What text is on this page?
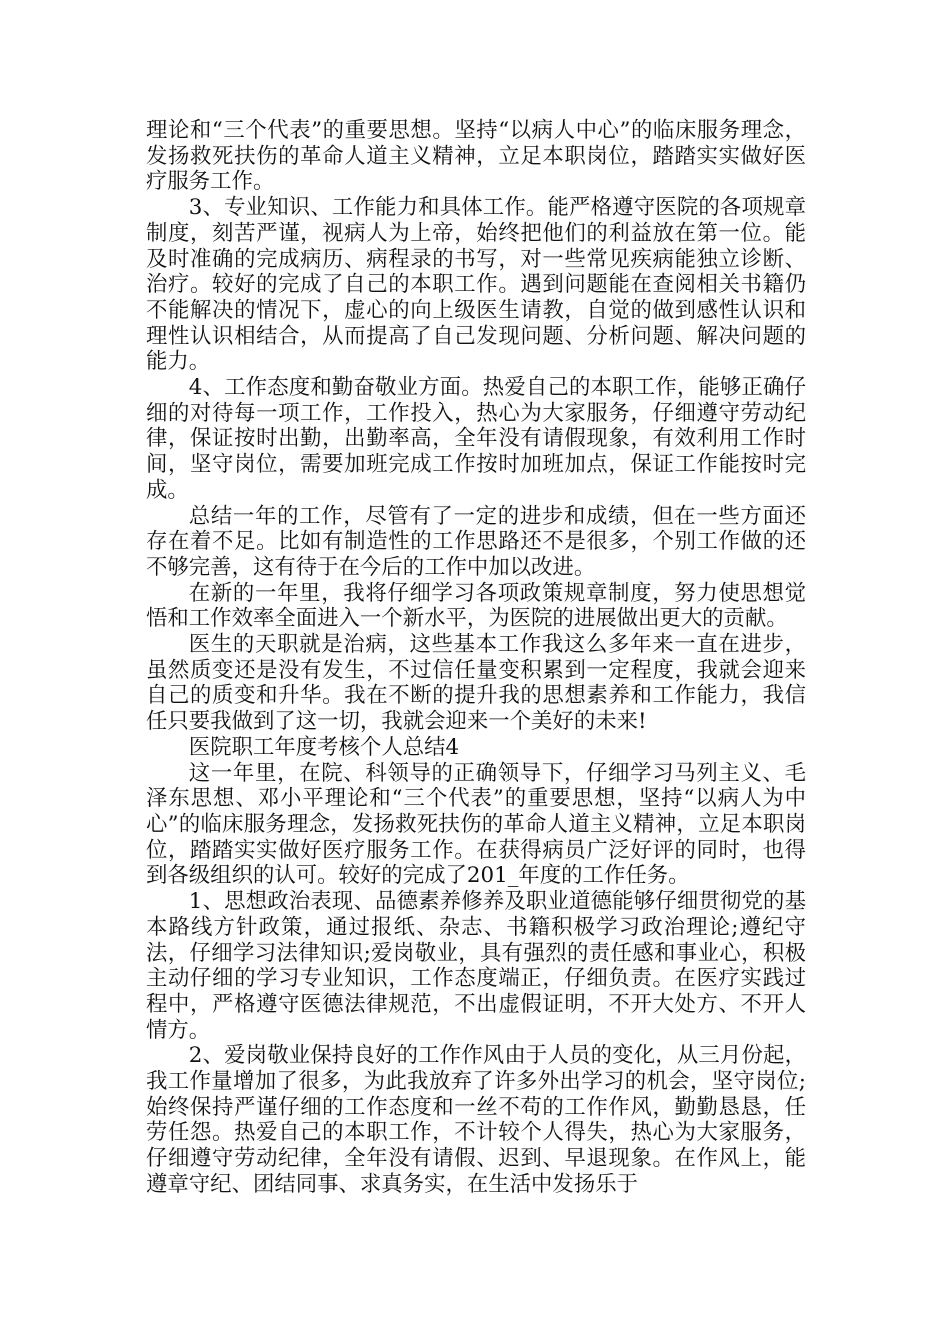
理论和“三个代表”的重要思想。坚持“以病人中心”的临床服务理念，发扬救死扶伤的革命人道主义精神，立足本职岗位，踏踏实实做好医疗服务工作。

3、专业知识、工作能力和具体工作。能严格遵守医院的各项规章制度，刻苦严谨，视病人为上帝，始终把他们的利益放在第一位。能及时准确的完成病历、病程录的书写，对一些常见疾病能独立诊断、治疗。较好的完成了自己的本职工作。遇到问题能在查阅相关书籍仍不能解决的情况下，虚心的向上级医生请教，自觉的做到感性认识和理性认识相结合，从而提高了自己发现问题、分析问题、解决问题的能力。

4、工作态度和勤奋敬业方面。热爱自己的本职工作，能够正确仔细的对待每一项工作，工作投入，热心为大家服务，仔细遵守劳动纪律，保证按时出勤，出勤率高，全年没有请假现象，有效利用工作时间，坚守岗位，需要加班完成工作按时加班加点，保证工作能按时完成。

总结一年的工作，尽管有了一定的进步和成绩，但在一些方面还存在着不足。比如有制造性的工作思路还不是很多，个别工作做的还不够完善，这有待于在今后的工作中加以改进。

在新的一年里，我将仔细学习各项政策规章制度，努力使思想觉悟和工作效率全面进入一个新水平，为医院的进展做出更大的贡献。

医生的天职就是治病，这些基本工作我这么多年来一直在进步，虽然质变还是没有发生，不过信任量变积累到一定程度，我就会迎来自己的质变和升华。我在不断的提升我的思想素养和工作能力，我信任只要我做到了这一切，我就会迎来一个美好的未来!

医院职工年度考核个人总结4

这一年里，在院、科领导的正确领导下，仔细学习马列主义、毛泽东思想、邓小平理论和“三个代表”的重要思想，坚持“以病人为中心”的临床服务理念，发扬救死扶伤的革命人道主义精神，立足本职岗位，踏踏实实做好医疗服务工作。在获得病员广泛好评的同时，也得到各级组织的认可。较好的完成了201_年度的工作任务。

1、思想政治表现、品德素养修养及职业道德能够仔细贯彻党的基本路线方针政策，通过报纸、杂志、书籍积极学习政治理论;遵纪守法，仔细学习法律知识;爱岗敬业，具有强烈的责任感和事业心，积极主动仔细的学习专业知识，工作态度端正，仔细负责。在医疗实践过程中，严格遵守医德法律规范，不出虚假证明，不开大处方、不开人情方。

2、爱岗敬业保持良好的工作作风由于人员的变化，从三月份起，我工作量增加了很多，为此我放弃了许多外出学习的机会，坚守岗位;始终保持严谨仔细的工作态度和一丝不苟的工作作风，勤勤恳恳，任劳任怨。热爱自己的本职工作，不计较个人得失，热心为大家服务，仔细遵守劳动纪律，全年没有请假、迟到、早退现象。在作风上，能遵章守纪、团结同事、求真务实，在生活中发扬乐于
